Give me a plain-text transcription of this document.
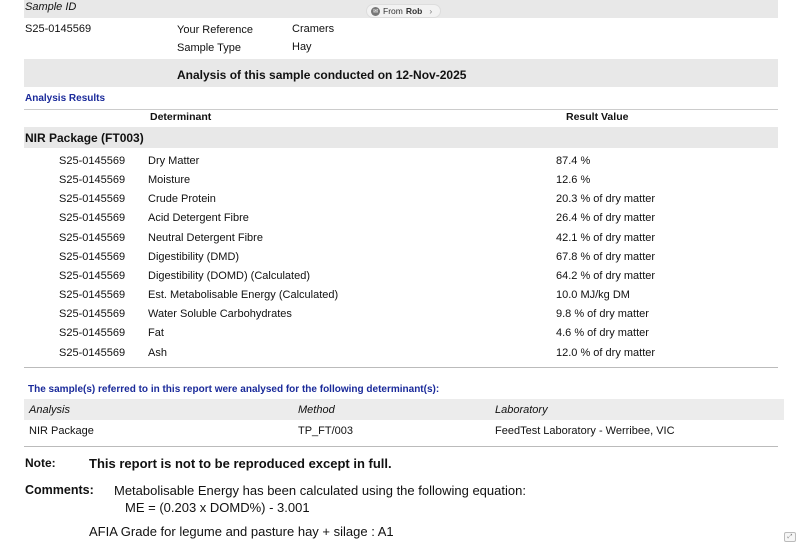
Sample ID	✉ From Rob ›
S25-0145569	Your Reference	Cramers
Sample Type	Hay
Analysis of this sample conducted on 12-Nov-2025
Analysis Results
Determinant	Result Value
NIR Package (FT003)
S25-0145569 Dry Matter	87.4 %
S25-0145569 Moisture	12.6 %
S25-0145569 Crude Protein	20.3 % of dry matter
S25-0145569 Acid Detergent Fibre	26.4 % of dry matter
S25-0145569 Neutral Detergent Fibre	42.1 % of dry matter
S25-0145569 Digestibility (DMD)	67.8 % of dry matter
S25-0145569 Digestibility (DOMD) (Calculated)	64.2 % of dry matter
S25-0145569 Est. Metabolisable Energy (Calculated)	10.0 MJ/kg DM
S25-0145569 Water Soluble Carbohydrates	9.8 % of dry matter
S25-0145569 Fat	4.6 % of dry matter
S25-0145569 Ash	12.0 % of dry matter
The sample(s) referred to in this report were analysed for the following determinant(s):
Analysis	Method	Laboratory
NIR Package	TP_FT/003	FeedTest Laboratory - Werribee, VIC
Note:	This report is not to be reproduced except in full.
Comments: Metabolisable Energy has been calculated using the following equation:
ME = (0.203 x DOMD%) - 3.001
AFIA Grade for legume and pasture hay + silage : A1	⤢
